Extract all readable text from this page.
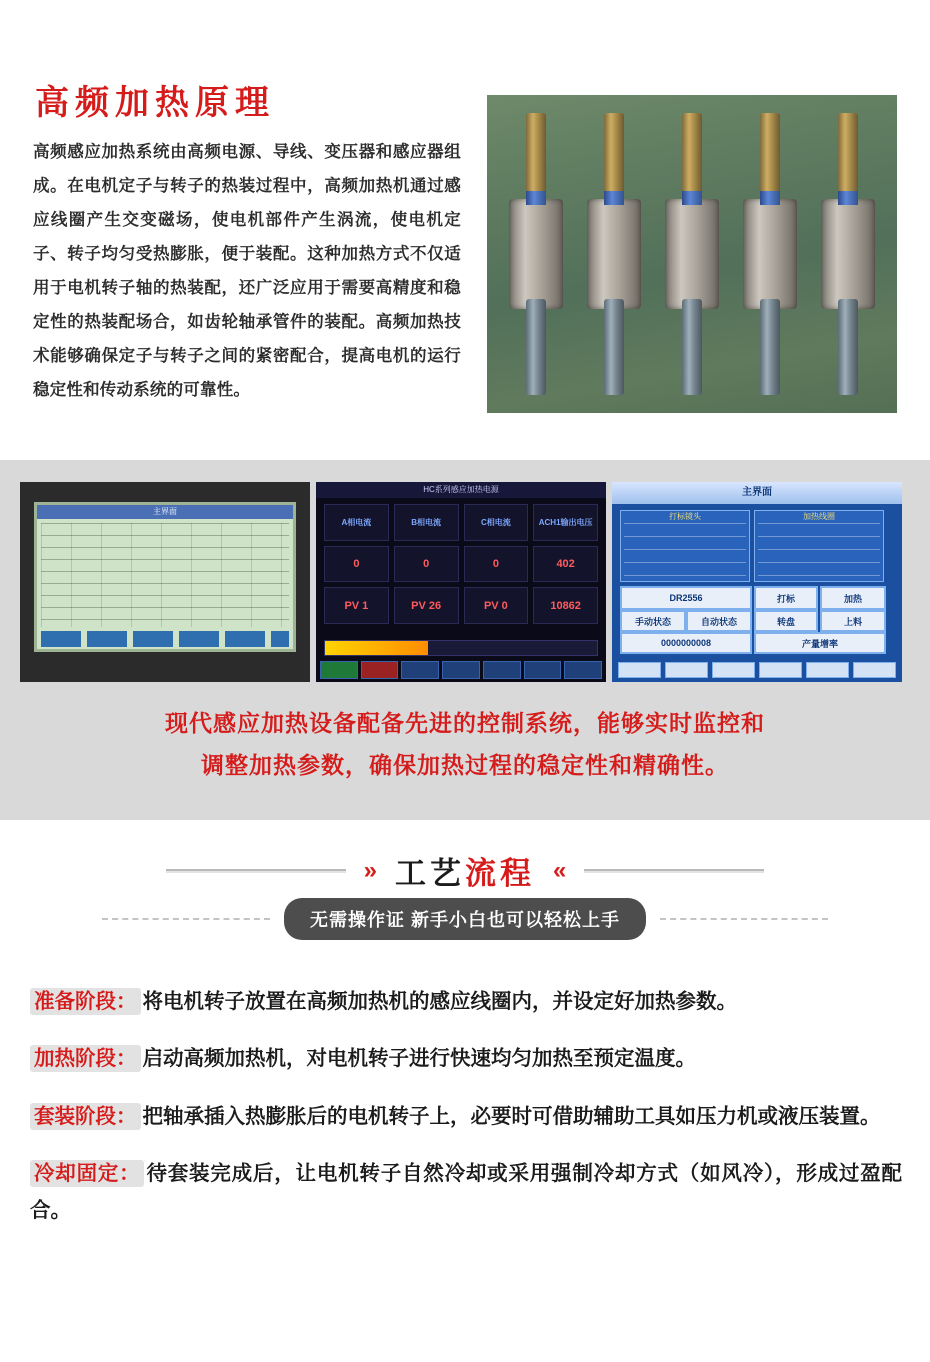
高频加热原理

高频感应加热系统由高频电源、导线、变压器和感应器组成。在电机定子与转子的热装过程中，高频加热机通过感应线圈产生交变磁场，使电机部件产生涡流，使电机定子、转子均匀受热膨胀，便于装配。这种加热方式不仅适用于电机转子轴的热装配，还广泛应用于需要高精度和稳定性的热装配场合，如齿轮轴承管件的装配。高频加热技术能够确保定子与转子之间的紧密配合，提高电机的运行稳定性和传动系统的可靠性。

主界面
HC系列感应加热电源
A相电流	B相电流	C相电流	ACH1输出电压
0	0	0	402
PV 1	PV 26	PV 0	10862
主界面
打标镜头	加热线圈
DR2556
手动状态	自动状态
打标	加热
转盘	上料
0000000008	产量增率
现代感应加热设备配备先进的控制系统，能够实时监控和
调整加热参数，确保加热过程的稳定性和精确性。
» 工艺流程 «
无需操作证 新手小白也可以轻松上手

准备阶段： 将电机转子放置在高频加热机的感应线圈内，并设定好加热参数。

加热阶段： 启动高频加热机，对电机转子进行快速均匀加热至预定温度。

套装阶段： 把轴承插入热膨胀后的电机转子上，必要时可借助辅助工具如压力机或液压装置。

冷却固定： 待套装完成后，让电机转子自然冷却或采用强制冷却方式（如风冷），形成过盈配合。
